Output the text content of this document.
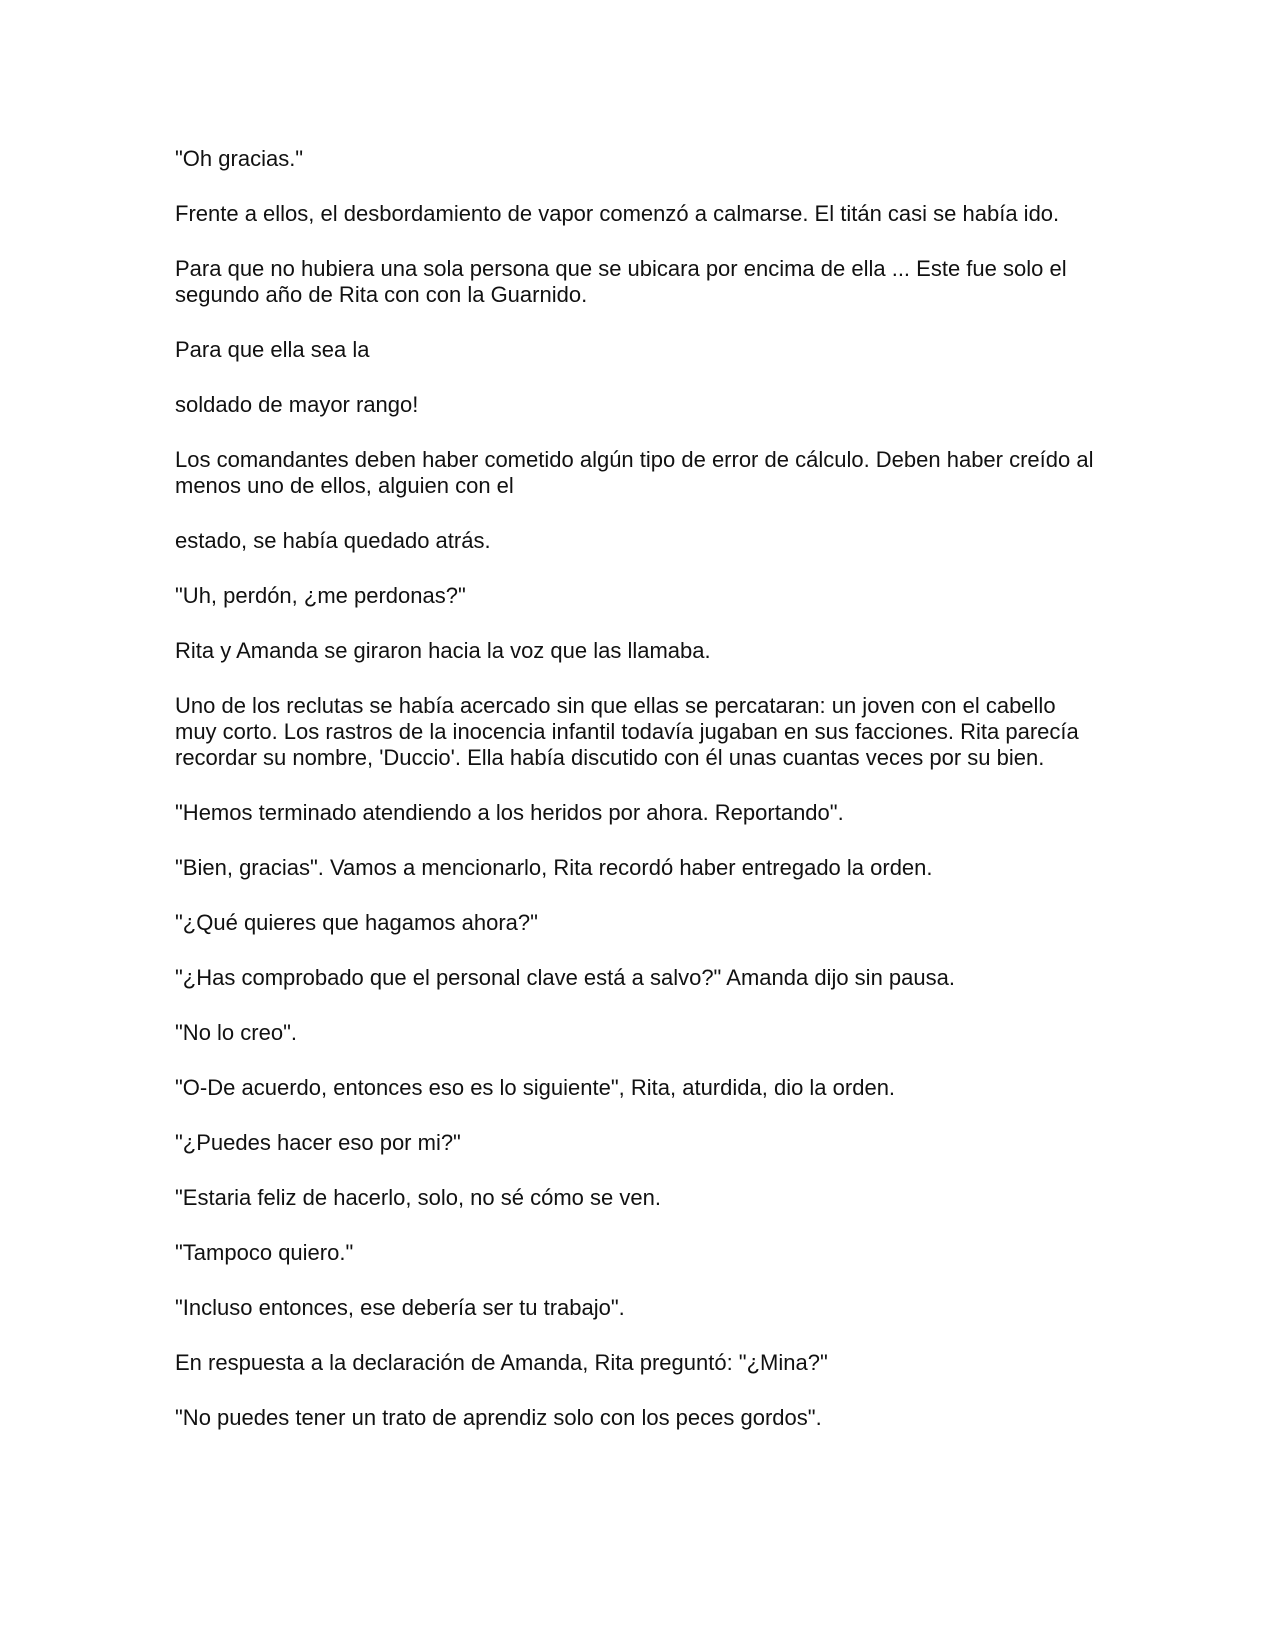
"Oh gracias."

Frente a ellos, el desbordamiento de vapor comenzó a calmarse. El titán casi se había ido.

Para que no hubiera una sola persona que se ubicara por encima de ella ... Este fue solo el segundo año de Rita con con la Guarnido.

Para que ella sea la

soldado de mayor rango!

Los comandantes deben haber cometido algún tipo de error de cálculo. Deben haber creído al menos uno de ellos, alguien con el

estado, se había quedado atrás.

"Uh, perdón, ¿me perdonas?"

Rita y Amanda se giraron hacia la voz que las llamaba.

Uno de los reclutas se había acercado sin que ellas se percataran: un joven con el cabello muy corto. Los rastros de la inocencia infantil todavía jugaban en sus facciones. Rita parecía recordar su nombre, 'Duccio'. Ella había discutido con él unas cuantas veces por su bien.

"Hemos terminado atendiendo a los heridos por ahora. Reportando".

"Bien, gracias". Vamos a mencionarlo, Rita recordó haber entregado la orden.

"¿Qué quieres que hagamos ahora?"

"¿Has comprobado que el personal clave está a salvo?" Amanda dijo sin pausa.

"No lo creo".

"O-De acuerdo, entonces eso es lo siguiente", Rita, aturdida, dio la orden.

"¿Puedes hacer eso por mi?"

"Estaria feliz de hacerlo, solo, no sé cómo se ven.

"Tampoco quiero."

"Incluso entonces, ese debería ser tu trabajo".

En respuesta a la declaración de Amanda, Rita preguntó: "¿Mina?"

"No puedes tener un trato de aprendiz solo con los peces gordos".
